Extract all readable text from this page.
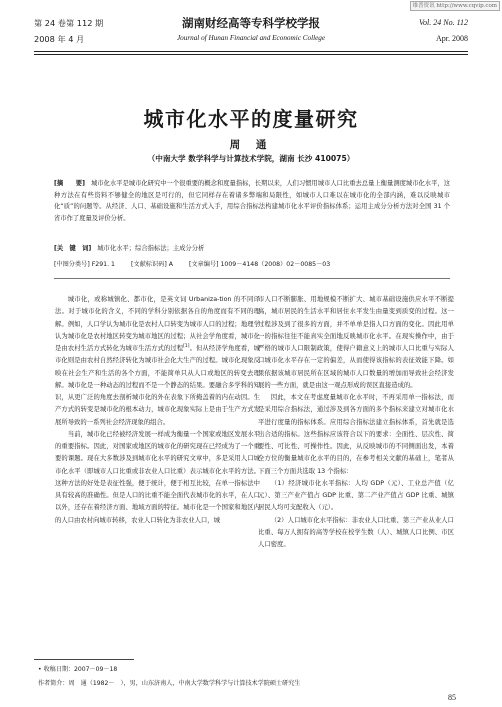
维普资讯 http://www.cqvip.com
第 24 卷第 112 期
2008 年 4 月
湖南财经高等专科学校学报
Journal of Hunan Financial and Economic College
Vol. 24 No. 112
Apr. 2008
城市化水平的度量研究
周 通
（中南大学 数学科学与计算技术学院，湖南 长沙 410075）
[摘　　要] 城市化水平是城市化研究中一个很重要的概念和度量指标，长期以来，人们习惯用城市人口比重去总量上衡量测度城市化水平，这种方法在有些资料不够健全的地区是可行的，但它同样存在着诸多弊端和局限性，如城市人口难以在城市化的全部内涵，难以反映城市化“质”的问题等。从经济、人口、基础设施和生活方式入手，用综合指标法构建城市化水平评价指标体系；运用主成分分析方法对全国 31 个省市作了度量及评价分析。
[关　键　词] 城市化水平；综合指标法；主成分分析
[中图分类号] F291. 1	[文献标识码] A	[文章编号] 1009－4148（2008）02－0085－03

城市化，或称城镇化、都市化，是英文词 Urbaniza-tion 的不同译法。对于城市化的含义，不同的学科分别依据各自的角度而有不同的理解。例如，人口学认为城市化是农村人口转变为城市人口的过程；地理学认为城市化是农村地区转变为城市地区的过程；从社会学角度看，城市化是由农村生活方式转化为城市生活方式的过程[1]。但从经济学角度看，城市化则是由农村自然经济转化为城市社会化大生产的过程。城市化现象反映在社会生产和生活的各个方面，不能简单只从人口或地区的转变去理解。城市化是一种动态的过程而不是一个静态的结果。要融合多学科的知识，从更广泛的角度去剖析城市化的外在表象下所掩盖着的内在动因。生产方式的转变是城市化的根本动力，城市化现象实际上是由于生产方式发展所导致的一系列社会经济现象的组合。

当前，城市化已经被经济发展一样成为衡量一个国家或地区发展水平的重要指标。因此，对国家或地区的城市化的研究现在已经成为了一个重要的课题。现在大多数涉及到城市化水平的研究文章中，多是采用人口城市化水平（即城市人口比重或非农业人口比重）表示城市化水平的方法。这种方法的好处是表征性强，便于统计，便于相互比较，在单一指标法中具有较高的准确性。但是人口的比重不能全面代表城市化的水平，在人口以外，还存在着经济方面、地域方面的特征。城市化是一个国家和地区内的人口由农村向城市转移，农业人口转化为非农业人口，城

市人口不断膨胀、用地规模不断扩大、城市基础设施供应水平不断提高，城市居民的生活水平和居住水平发生由量变到质变的过程。这一过程涉及到了很多的方面，并不单单是指人口方面的变化。因此用单一的指标往往不能真实全面地反映城市化水平。在现实操作中，由于严格的城市人口限制政策，使得户籍意义上的城市人口比重与实际人口城市化水平存在一定的偏差，从而使得该指标的表征效能下降。如果依据该城市居民所在区域的城市人口数量的增加而导致社会经济发展的一些方面，就是由这一观点形成的误区直接造成的。

因此，本文在考虑度量城市化水平时，不再采用单一指标法，而是采用综合指标法，通过涉及到各方面的多个指标来建立对城市化水平进行度量的指标体系。应用综合指标法建立指标体系，首先就是选出合适的指标。这些指标应该符合以下的要求：全面性、层次性、简要性、可比性、可操作性。因此，从反映城市的不同侧面出发，本着全方位的衡量城市化水平的目的，在参考相关文献的基础上，笔者从下面三个方面共选取 13 个指标：

（1）经济城市化水平指标：人均 GDP（元）、工业总产值（亿元）、第三产业产值占 GDP 比重、第二产业产值占 GDP 比重、城镇居民人均可支配收入（元）。

（2）人口城市化水平指标：非农业人口比重、第三产业从业人口比重、每万人拥有的高等学校在校学生数（人）、城镇人口比例、市区人口密度。

• 收稿日期：2007－09－18
作者简介：周　通（1982－　），男，山东济南人，中南大学数学科学与计算技术学院硕士研究生
85
